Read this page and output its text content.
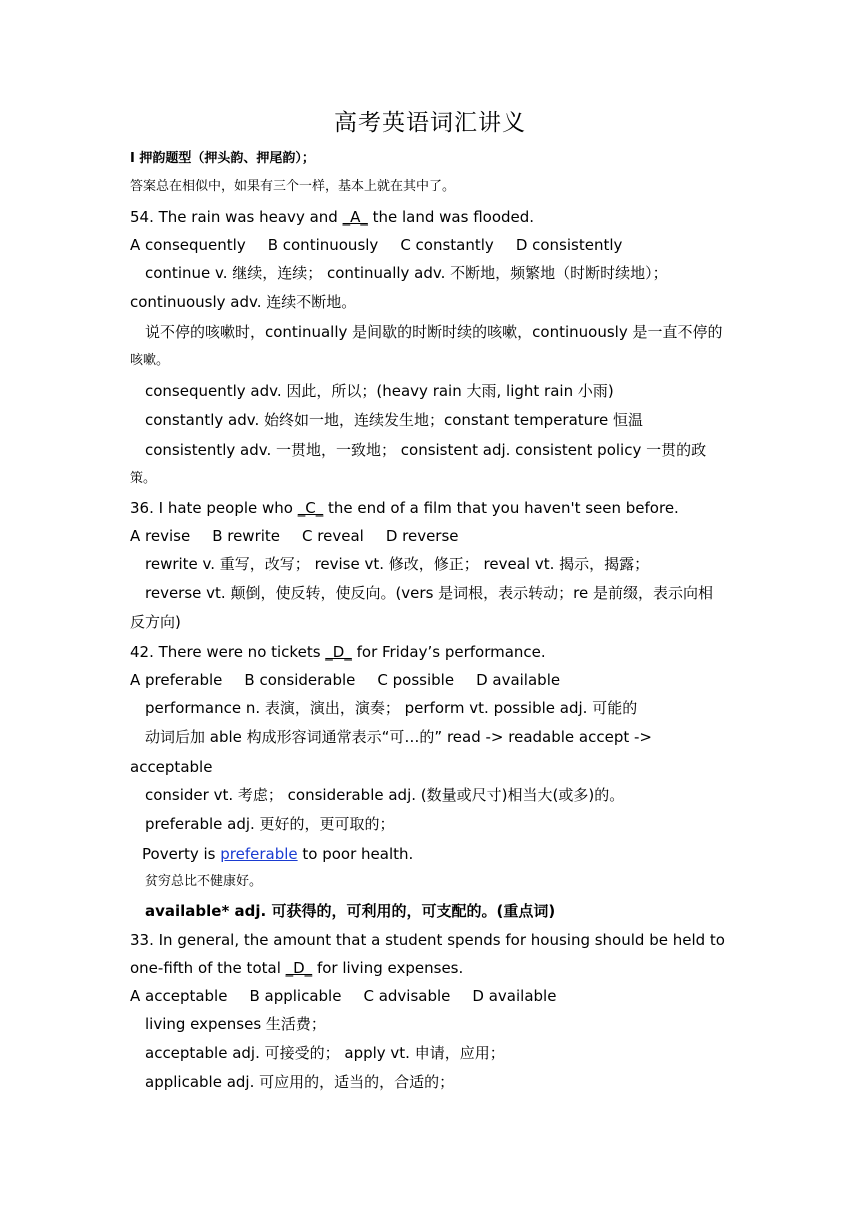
高考英语词汇讲义
I 押韵题型（押头韵、押尾韵）；
答案总在相似中，如果有三个一样，基本上就在其中了。
54. The rain was heavy and _A_ the land was flooded.
A consequently B continuously C constantly D consistently
continue v. 继续，连续； continually adv. 不断地，频繁地（时断时续地）；
continuously adv. 连续不断地。
说不停的咳嗽时，continually 是间歇的时断时续的咳嗽，continuously 是一直不停的
咳嗽。
consequently adv. 因此，所以；(heavy rain 大雨, light rain 小雨)
constantly adv. 始终如一地，连续发生地；constant temperature 恒温
consistently adv. 一贯地，一致地； consistent adj. consistent policy 一贯的政
策。
36. I hate people who _C_ the end of a film that you haven't seen before.
A revise B rewrite C reveal D reverse
rewrite v. 重写，改写； revise vt. 修改，修正； reveal vt. 揭示，揭露；
reverse vt. 颠倒，使反转，使反向。(vers 是词根，表示转动；re 是前缀，表示向相
反方向)
42. There were no tickets _D_ for Friday’s performance.
A preferable B considerable C possible D available
performance n. 表演，演出，演奏； perform vt. possible adj. 可能的
动词后加 able 构成形容词通常表示“可…的” read -> readable accept ->
acceptable
consider vt. 考虑； considerable adj. (数量或尺寸)相当大(或多)的。
preferable adj. 更好的，更可取的；
Poverty is preferable to poor health.
贫穷总比不健康好。
available* adj. 可获得的，可利用的，可支配的。(重点词)
33. In general, the amount that a student spends for housing should be held to
one-fifth of the total _D_ for living expenses.
A acceptable B applicable C advisable D available
living expenses 生活费；
acceptable adj. 可接受的； apply vt. 申请，应用；
applicable adj. 可应用的，适当的，合适的；
